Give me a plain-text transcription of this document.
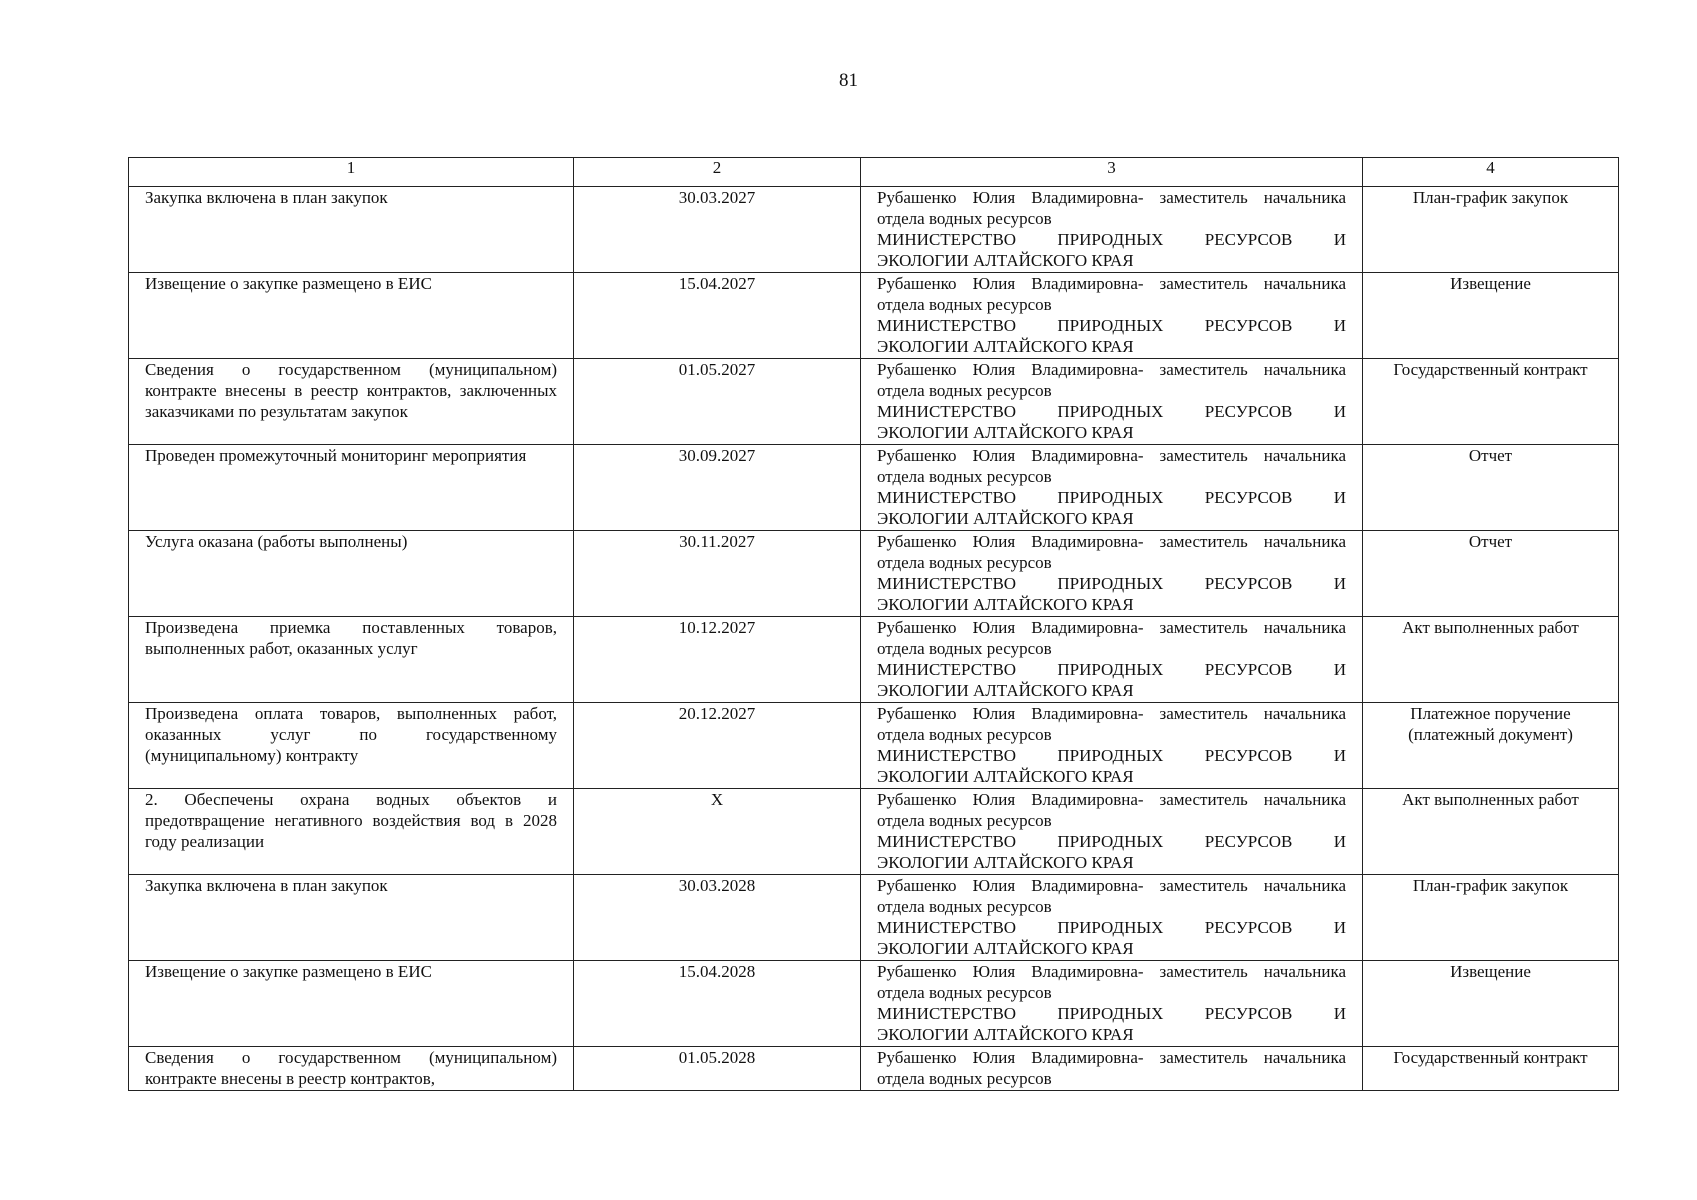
81
1	2	3	4
Закупка включена в план закупок	30.03.2027	Рубашенко Юлия Владимировна- заместитель начальника отдела водных ресурсов
МИНИСТЕРСТВО ПРИРОДНЫХ РЕСУРСОВ И
ЭКОЛОГИИ АЛТАЙСКОГО КРАЯ	План-график закупок
Извещение о закупке размещено в ЕИС	15.04.2027	Рубашенко Юлия Владимировна- заместитель начальника отдела водных ресурсов
МИНИСТЕРСТВО ПРИРОДНЫХ РЕСУРСОВ И
ЭКОЛОГИИ АЛТАЙСКОГО КРАЯ	Извещение
Сведения о государственном (муниципальном) контракте внесены в реестр контрактов, заключенных заказчиками по результатам закупок	01.05.2027	Рубашенко Юлия Владимировна- заместитель начальника отдела водных ресурсов
МИНИСТЕРСТВО ПРИРОДНЫХ РЕСУРСОВ И
ЭКОЛОГИИ АЛТАЙСКОГО КРАЯ	Государственный контракт
Проведен промежуточный мониторинг мероприятия	30.09.2027	Рубашенко Юлия Владимировна- заместитель начальника отдела водных ресурсов
МИНИСТЕРСТВО ПРИРОДНЫХ РЕСУРСОВ И
ЭКОЛОГИИ АЛТАЙСКОГО КРАЯ	Отчет
Услуга оказана (работы выполнены)	30.11.2027	Рубашенко Юлия Владимировна- заместитель начальника отдела водных ресурсов
МИНИСТЕРСТВО ПРИРОДНЫХ РЕСУРСОВ И
ЭКОЛОГИИ АЛТАЙСКОГО КРАЯ	Отчет
Произведена приемка поставленных товаров, выполненных работ, оказанных услуг	10.12.2027	Рубашенко Юлия Владимировна- заместитель начальника отдела водных ресурсов
МИНИСТЕРСТВО ПРИРОДНЫХ РЕСУРСОВ И
ЭКОЛОГИИ АЛТАЙСКОГО КРАЯ	Акт выполненных работ
Произведена оплата товаров, выполненных работ, оказанных услуг по государственному (муниципальному) контракту	20.12.2027	Рубашенко Юлия Владимировна- заместитель начальника отдела водных ресурсов
МИНИСТЕРСТВО ПРИРОДНЫХ РЕСУРСОВ И
ЭКОЛОГИИ АЛТАЙСКОГО КРАЯ	Платежное поручение (платежный документ)
2. Обеспечены охрана водных объектов и предотвращение негативного воздействия вод в 2028 году реализации	X	Рубашенко Юлия Владимировна- заместитель начальника отдела водных ресурсов
МИНИСТЕРСТВО ПРИРОДНЫХ РЕСУРСОВ И
ЭКОЛОГИИ АЛТАЙСКОГО КРАЯ	Акт выполненных работ
Закупка включена в план закупок	30.03.2028	Рубашенко Юлия Владимировна- заместитель начальника отдела водных ресурсов
МИНИСТЕРСТВО ПРИРОДНЫХ РЕСУРСОВ И
ЭКОЛОГИИ АЛТАЙСКОГО КРАЯ	План-график закупок
Извещение о закупке размещено в ЕИС	15.04.2028	Рубашенко Юлия Владимировна- заместитель начальника отдела водных ресурсов
МИНИСТЕРСТВО ПРИРОДНЫХ РЕСУРСОВ И
ЭКОЛОГИИ АЛТАЙСКОГО КРАЯ	Извещение
Сведения о государственном (муниципальном) контракте внесены в реестр контрактов,	01.05.2028	Рубашенко Юлия Владимировна- заместитель начальника отдела водных ресурсов	Государственный контракт
